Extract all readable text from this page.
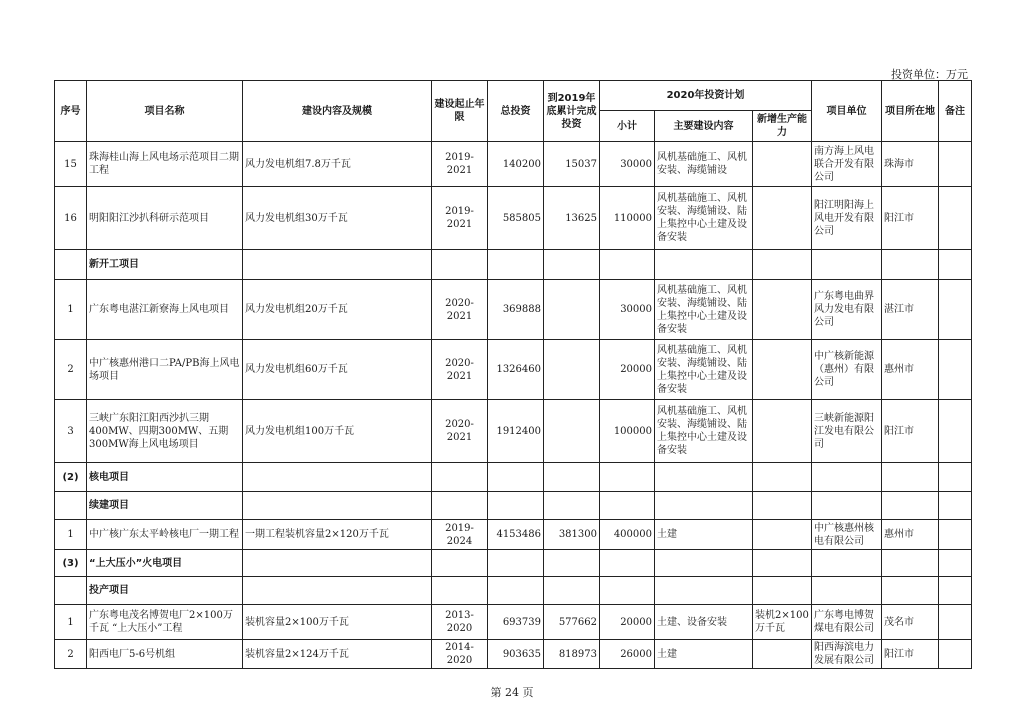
投资单位：万元
序号	项目名称	建设内容及规模	建设起止年限	总投资	到2019年底累计完成投资	2020年投资计划			项目单位	项目所在地	备注
						小计	主要建设内容	新增生产能力			
15	珠海桂山海上风电场示范项目二期工程	风力发电机组7.8万千瓦	2019-2021	140200	15037	30000	风机基础施工、风机安装、海缆铺设		南方海上风电联合开发有限公司	珠海市	
16	明阳阳江沙扒科研示范项目	风力发电机组30万千瓦	2019-2021	585805	13625	110000	风机基础施工、风机安装、海缆铺设、陆上集控中心土建及设备安装		阳江明阳海上风电开发有限公司	阳江市	
	新开工项目										
1	广东粤电湛江新寮海上风电项目	风力发电机组20万千瓦	2020-2021	369888		30000	风机基础施工、风机安装、海缆铺设、陆上集控中心土建及设备安装		广东粤电曲界风力发电有限公司	湛江市	
2	中广核惠州港口二PA/PB海上风电场项目	风力发电机组60万千瓦	2020-2021	1326460		20000	风机基础施工、风机安装、海缆铺设、陆上集控中心土建及设备安装		中广核新能源（惠州）有限公司	惠州市	
3	三峡广东阳江阳西沙扒三期400MW、四期300MW、五期300MW海上风电场项目	风力发电机组100万千瓦	2020-2021	1912400		100000	风机基础施工、风机安装、海缆铺设、陆上集控中心土建及设备安装		三峡新能源阳江发电有限公司	阳江市	
(2)	核电项目										
	续建项目										
1	中广核广东太平岭核电厂一期工程	一期工程装机容量2×120万千瓦	2019-2024	4153486	381300	400000	土建		中广核惠州核电有限公司	惠州市	
(3)	“上大压小”火电项目										
	投产项目										
1	广东粤电茂名博贺电厂2×100万千瓦 “上大压小”工程	装机容量2×100万千瓦	2013-2020	693739	577662	20000	土建、设备安装	装机2×100万千瓦	广东粤电博贺煤电有限公司	茂名市	
2	阳西电厂5-6号机组	装机容量2×124万千瓦	2014-2020	903635	818973	26000	土建		阳西海滨电力发展有限公司	阳江市	
第 24 页
